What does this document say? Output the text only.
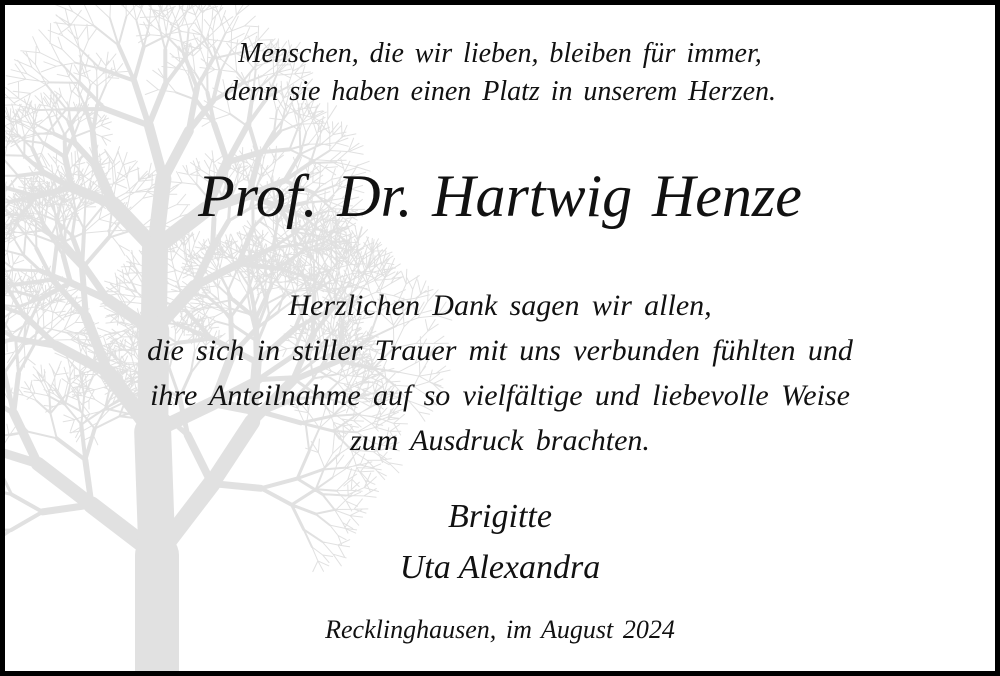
Menschen, die wir lieben, bleiben für immer,
denn sie haben einen Platz in unserem Herzen.
Prof. Dr. Hartwig Henze
Herzlichen Dank sagen wir allen,
die sich in stiller Trauer mit uns verbunden fühlten und
ihre Anteilnahme auf so vielfältige und liebevolle Weise
zum Ausdruck brachten.
Brigitte
Uta Alexandra
Recklinghausen, im August 2024
